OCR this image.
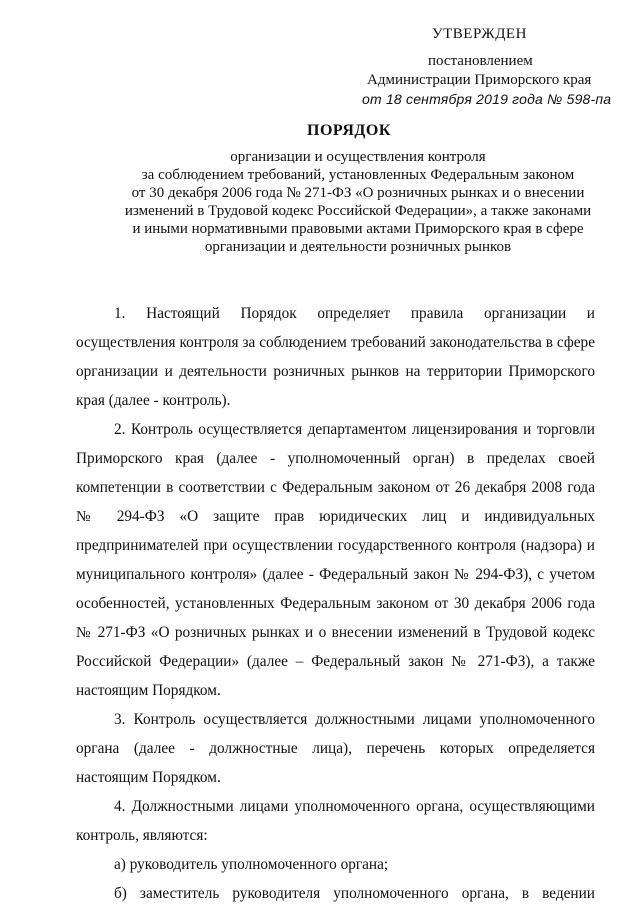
УТВЕРЖДЕН
постановлением
Администрации Приморского края
от 18 сентября 2019 года № 598-па
ПОРЯДОК
организации и осуществления контроля
за соблюдением требований, установленных Федеральным законом
от 30 декабря 2006 года № 271-ФЗ «О розничных рынках и о внесении
изменений в Трудовой кодекс Российской Федерации», а также законами
и иными нормативными правовыми актами Приморского края в сфере
организации и деятельности розничных рынков

1. Настоящий Порядок определяет правила организации и осуществления контроля за соблюдением требований законодательства в сфере организации и деятельности розничных рынков на территории Приморского края (далее - контроль).

2. Контроль осуществляется департаментом лицензирования и торговли Приморского края (далее - уполномоченный орган) в пределах своей компетенции в соответствии с Федеральным законом от 26 декабря 2008 года № 294-ФЗ «О защите прав юридических лиц и индивидуальных предпринимателей при осуществлении государственного контроля (надзора) и муниципального контроля» (далее - Федеральный закон № 294-ФЗ), с учетом особенностей, установленных Федеральным законом от 30 декабря 2006 года № 271-ФЗ «О розничных рынках и о внесении изменений в Трудовой кодекс Российской Федерации» (далее – Федеральный закон № 271-ФЗ), а также настоящим Порядком.

3. Контроль осуществляется должностными лицами уполномоченного органа (далее - должностные лица), перечень которых определяется настоящим Порядком.

4. Должностными лицами уполномоченного органа, осуществляющими контроль, являются:

а) руководитель уполномоченного органа;

б) заместитель руководителя уполномоченного органа, в ведении
